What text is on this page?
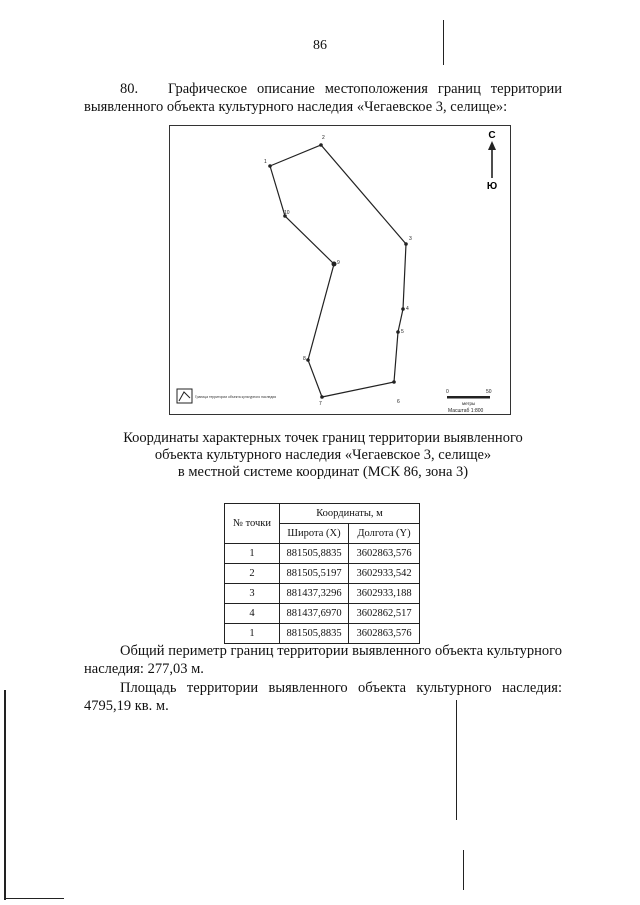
86

80. Графическое описание местоположения границ территории выявленного объекта культурного наследия «Чегаевское 3, селище»:

1
2
3
4
5
6
7
8
9
10
С
Ю
Граница территории объекта культурного наследия
0	50
метры
Масштаб 1:800

Координаты характерных точек границ территории выявленного

объекта культурного наследия «Чегаевское 3, селище»

в местной системе координат (МСК 86, зона 3)

№ точки	Координаты, м	
	Широта (X)	Долгота (Y)
1	881505,8835	3602863,576
2	881505,5197	3602933,542
3	881437,3296	3602933,188
4	881437,6970	3602862,517
1	881505,8835	3602863,576

Общий периметр границ территории выявленного объекта культурного наследия: 277,03 м.

Площадь территории выявленного объекта культурного наследия: 4795,19 кв. м.
